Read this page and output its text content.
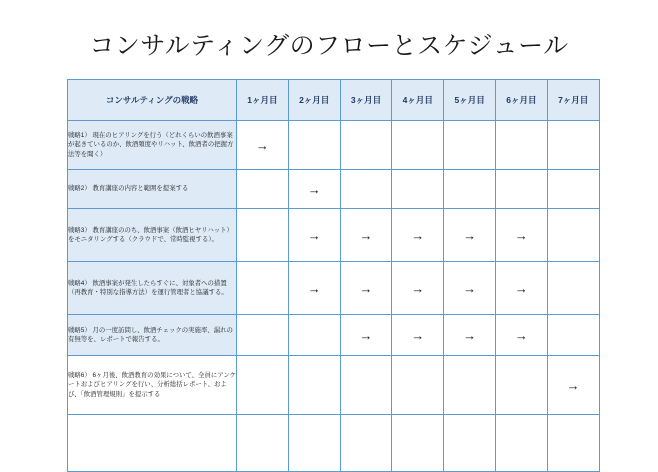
コンサルティングのフローとスケジュール
コンサルティングの戦略	1ヶ月目	2ヶ月目	3ヶ月目	4ヶ月目	5ヶ月目	6ヶ月目	7ヶ月目
戦略1） 現在のヒアリングを行う（どれくらいの飲酒事案が起きているのか、飲酒頻度やリハット、飲酒者の把握方法等を聞く）	→						

戦略2） 教育講座の内容と範囲を提案する		→					

戦略3） 教育講座ののち、飲酒事案（飲酒ヒヤリハット）をモニタリングする（クラウドで、常時監視する）。		→	→	→	→	→	

戦略4） 飲酒事案が発生したらすぐに、対象者への措置（再教育・特別な指導方法）を運行管理者と協議する。		→	→	→	→	→	

戦略5） 月の一度訪問し、飲酒チェックの実施率、漏れの有無等を、レポートで報告する。			→	→	→	→	

戦略6） 6ヶ月後、飲酒教育の効果について、全員にアンケートおよびヒアリングを行い、分析総括レポート、および、「飲酒管理規則」を提示する							→
